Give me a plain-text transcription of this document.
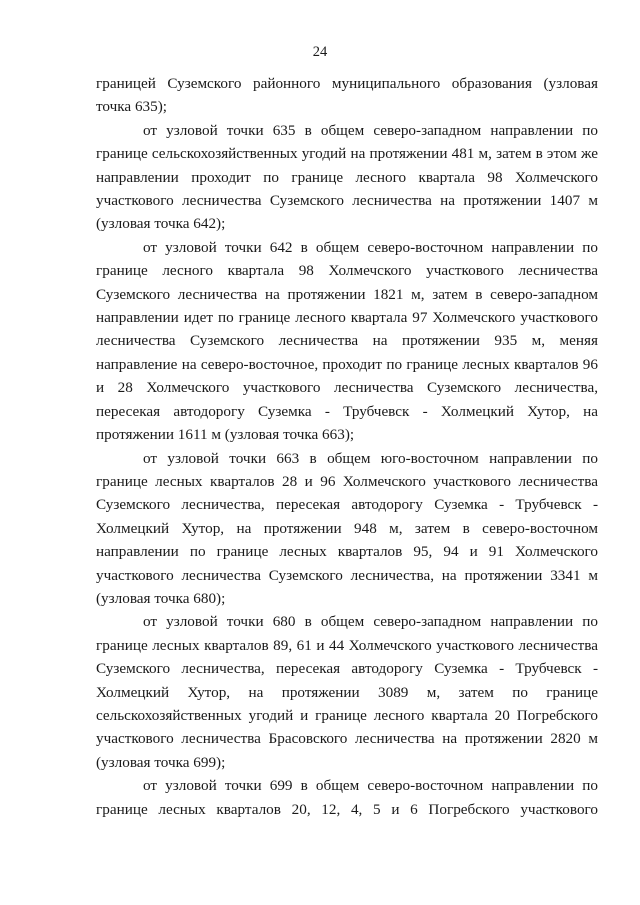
24

границей Суземского районного муниципального образования (узловая точка 635);

от узловой точки 635 в общем северо-западном направлении по границе сельскохозяйственных угодий на протяжении 481 м, затем в этом же направлении проходит по границе лесного квартала 98 Холмечского участкового лесничества Суземского лесничества на протяжении 1407 м (узловая точка 642);

от узловой точки 642 в общем северо-восточном направлении по границе лесного квартала 98 Холмечского участкового лесничества Суземского лесничества на протяжении 1821 м, затем в северо-западном направлении идет по границе лесного квартала 97 Холмечского участкового лесничества Суземского лесничества на протяжении 935 м, меняя направление на северо-восточное, проходит по границе лесных кварталов 96 и 28 Холмечского участкового лесничества Суземского лесничества, пересекая автодорогу Суземка - Трубчевск - Холмецкий Хутор, на протяжении 1611 м (узловая точка 663);

от узловой точки 663 в общем юго-восточном направлении по границе лесных кварталов 28 и 96 Холмечского участкового лесничества Суземского лесничества, пересекая автодорогу Суземка - Трубчевск - Холмецкий Хутор, на протяжении 948 м, затем в северо-восточном направлении по границе лесных кварталов 95, 94 и 91 Холмечского участкового лесничества Суземского лесничества, на протяжении 3341 м (узловая точка 680);

от узловой точки 680 в общем северо-западном направлении по границе лесных кварталов 89, 61 и 44 Холмечского участкового лесничества Суземского лесничества, пересекая автодорогу Суземка - Трубчевск - Холмецкий Хутор, на протяжении 3089 м, затем по границе сельскохозяйственных угодий и границе лесного квартала 20 Погребского участкового лесничества Брасовского лесничества на протяжении 2820 м (узловая точка 699);

от узловой точки 699 в общем северо-восточном направлении по границе лесных кварталов 20, 12, 4, 5 и 6 Погребского участкового
